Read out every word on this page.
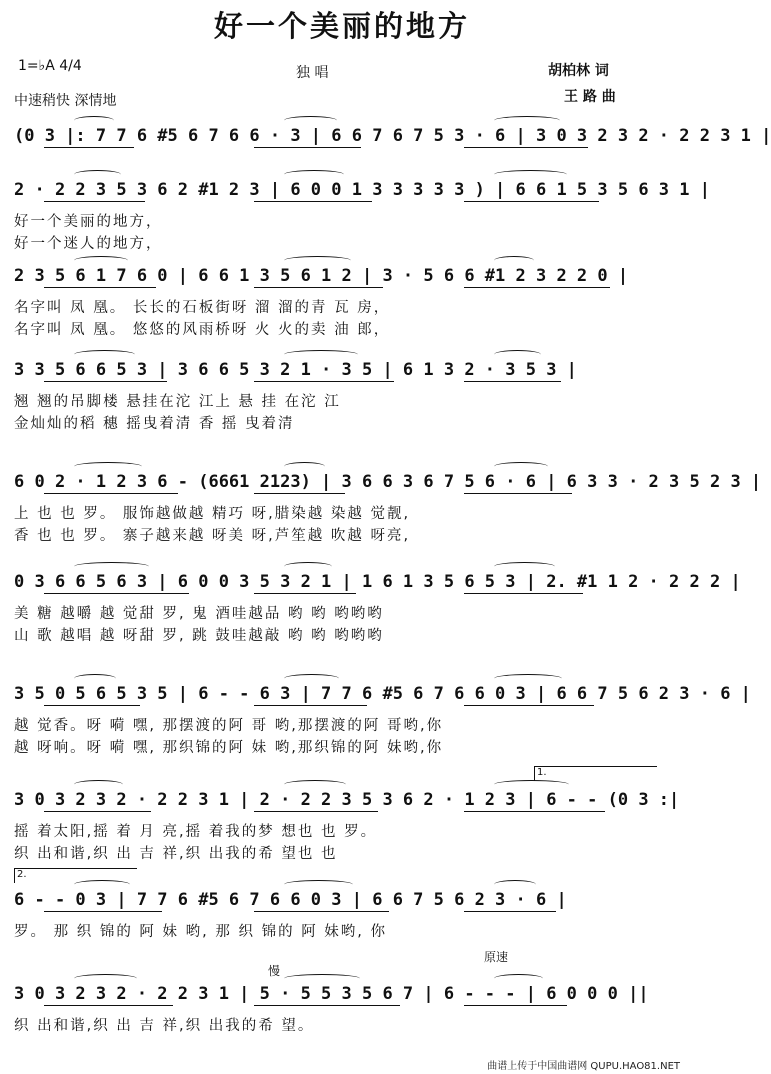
好一个美丽的地方
1=♭A 4/4	独 唱
中速稍快 深情地
胡柏林 词
王 路 曲
(0 3 |: 7 7 6 #5 6 7 6 6 · 3 | 6 6 7 6 7 5 3 · 6 | 3 0 3 2 3 2 · 2 2 3 1 |
2 · 2 2 3 5 3 6 2 #1 2 3 | 6 0 0 1 3 3 3 3 3 ) | 6 6 1 5 3 5 6 3 1 |
好一个美丽的地方，
好一个迷人的地方，
2 3 5 6 1 7 6 0 | 6 6 1 3 5 6 1 2 | 3 · 5 6 6 #1 2 3 2 2 0 |
名字叫 凤 凰。 长长的石板街呀 溜 溜的青 瓦 房，
名字叫 凤 凰。 悠悠的风雨桥呀 火 火的卖 油 郎，
3 3 5 6 6 5 3 | 3 6 6 5 3 2 1 · 3 5 | 6 1 3 2 · 3 5 3 |
翘 翘的吊脚楼 悬挂在沱 江上 悬 挂 在沱 江
金灿灿的稻 穗 摇曳着清 香 摇 曳着清
6 0 2 · 1 2 3 6 - (6661 2123) | 3 6 6 3 6 7 5 6 · 6 | 6 3 3 · 2 3 5 2 3 |
上 也 也 罗。 服饰越做越 精巧 呀,腊染越 染越 觉靓,
香 也 也 罗。 寨子越来越 呀美 呀,芦笙越 吹越 呀亮,
0 3 6 6 5 6 3 | 6 0 0 3 5 3 2 1 | 1 6 1 3 5 6 5 3 | 2. #1 1 2 · 2 2 2 |
美 糖 越嚼 越 觉甜 罗, 鬼 酒哇越品 哟 哟 哟哟哟
山 歌 越唱 越 呀甜 罗, 跳 鼓哇越敲 哟 哟 哟哟哟
3 5 0 5 6 5 3 5 | 6 - - 6 3 | 7 7 6 #5 6 7 6 6 0 3 | 6 6 7 5 6 2 3 · 6 |
越 觉香。呀 嗬 嘿, 那摆渡的阿 哥 哟,那摆渡的阿 哥哟,你
越 呀响。呀 嗬 嘿, 那织锦的阿 妹 哟,那织锦的阿 妹哟,你
3 0 3 2 3 2 · 2 2 3 1 | 2 · 2 2 3 5 3 6 2 · 1 2 3 | 6 - - (0 3 :|
摇 着太阳,摇 着 月 亮,摇 着我的梦 想也 也 罗。
织 出和谐,织 出 吉 祥,织 出我的希 望也 也
6 - - 0 3 | 7 7 6 #5 6 7 6 6 0 3 | 6 6 7 5 6 2 3 · 6 |
罗。 那 织 锦的 阿 妹 哟, 那 织 锦的 阿 妹哟, 你
3 0 3 2 3 2 · 2 2 3 1 | 5 · 5 5 3 5 6 7 | 6 - - - | 6 0 0 0 ||
织 出和谐,织 出 吉 祥,织 出我的希 望。
慢
原速
1.
2.
曲谱上传于中国曲谱网 QUPU.HAO81.NET
